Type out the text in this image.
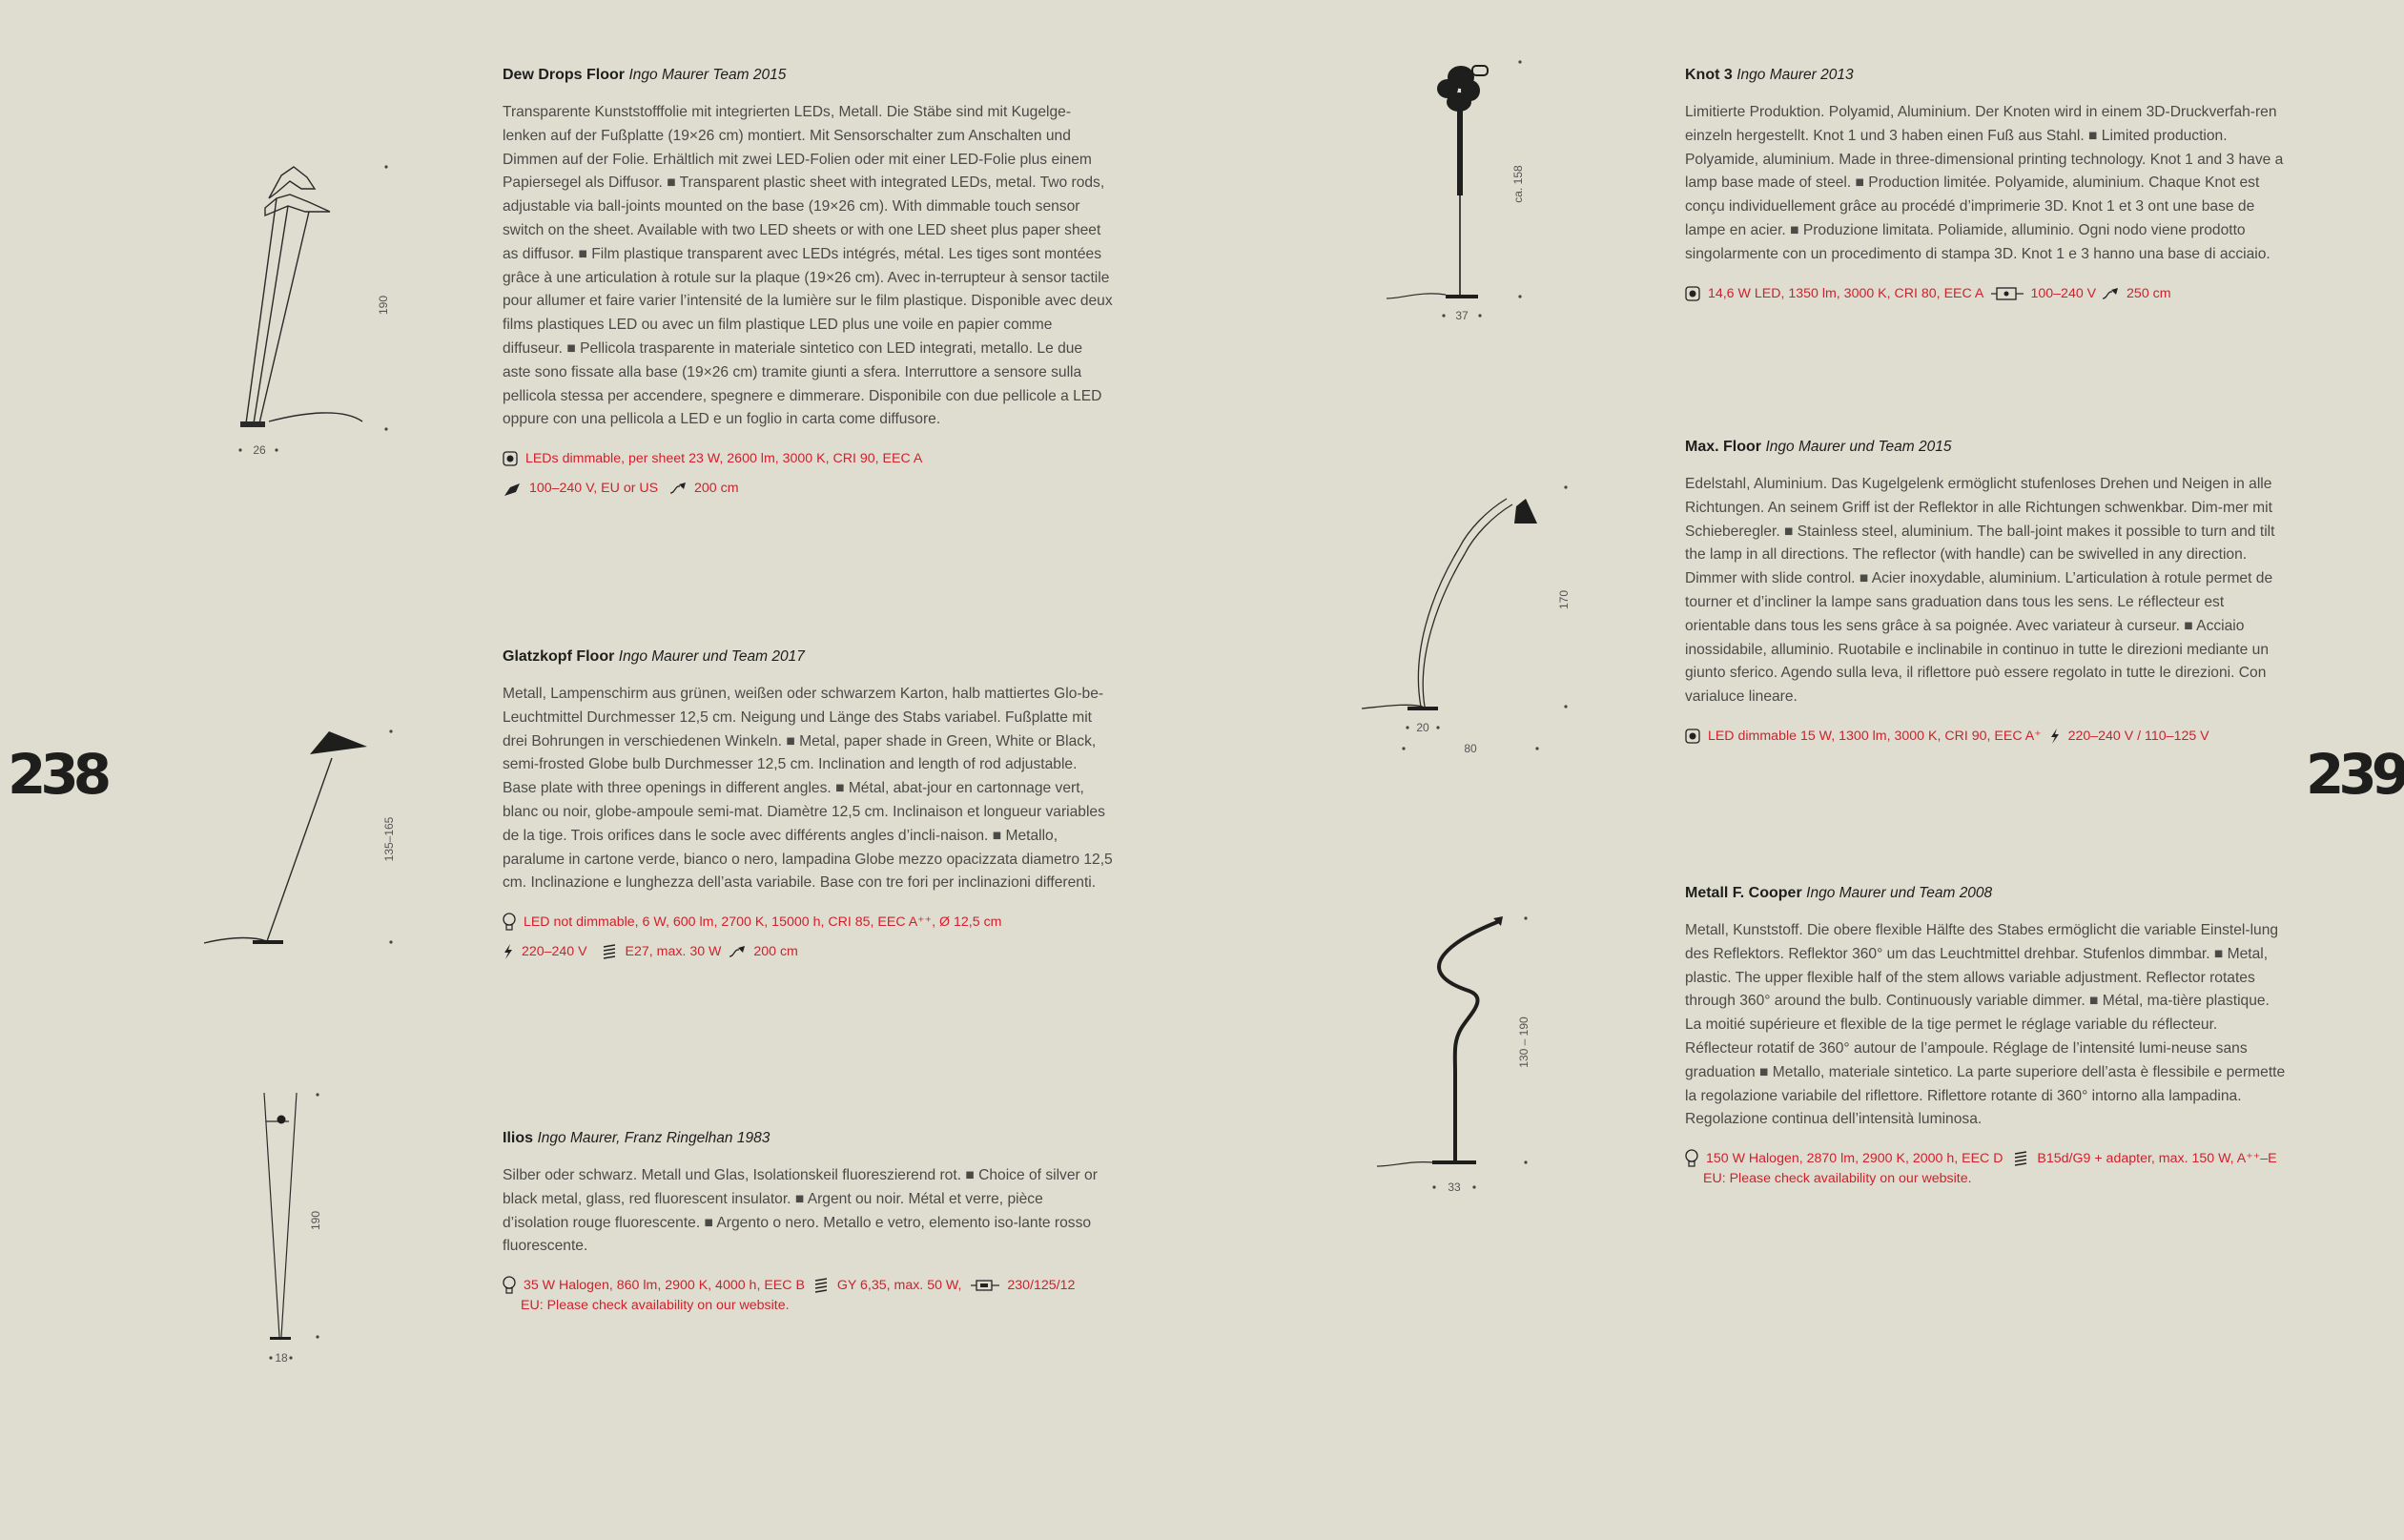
238	239
190
26
Dew Drops Floor Ingo Maurer Team 2015

Transparente Kunststofffolie mit integrierten LEDs, Metall. Die Stäbe sind mit Kugelge-lenken auf der Fußplatte (19×26 cm) montiert. Mit Sensorschalter zum Anschalten und Dimmen auf der Folie. Erhältlich mit zwei LED-Folien oder mit einer LED-Folie plus einem Papiersegel als Diffusor. ■ Transparent plastic sheet with integrated LEDs, metal. Two rods, adjustable via ball-joints mounted on the base (19×26 cm). With dimmable touch sensor switch on the sheet. Available with two LED sheets or with one LED sheet plus paper sheet as diffusor. ■ Film plastique transparent avec LEDs intégrés, métal. Les tiges sont montées grâce à une articulation à rotule sur la plaque (19×26 cm). Avec in-terrupteur à sensor tactile pour allumer et faire varier l’intensité de la lumière sur le film plastique. Disponible avec deux films plastiques LED ou avec un film plastique LED plus une voile en papier comme diffuseur. ■ Pellicola trasparente in materiale sintetico con LED integrati, metallo. Le due aste sono fissate alla base (19×26 cm) tramite giunti a sfera. Interruttore a sensore sulla pellicola stessa per accendere, spegnere e dimmerare. Disponibile con due pellicole a LED oppure con una pellicola a LED e un foglio in carta come diffusore.

LEDs dimmable, per sheet 23 W, 2600 lm, 3000 K, CRI 90, EEC A
100–240 V, EU or US	200 cm
135–165
Glatzkopf Floor Ingo Maurer und Team 2017

Metall, Lampenschirm aus grünen, weißen oder schwarzem Karton, halb mattiertes Glo-be-Leuchtmittel Durchmesser 12,5 cm. Neigung und Länge des Stabs variabel. Fußplatte mit drei Bohrungen in verschiedenen Winkeln. ■ Metal, paper shade in Green, White or Black, semi-frosted Globe bulb Durchmesser 12,5 cm. Inclination and length of rod adjustable. Base plate with three openings in different angles. ■ Métal, abat-jour en cartonnage vert, blanc ou noir, globe-ampoule semi-mat. Diamètre 12,5 cm. Inclinaison et longueur variables de la tige. Trois orifices dans le socle avec différents angles d’incli-naison. ■ Metallo, paralume in cartone verde, bianco o nero, lampadina Globe mezzo opacizzata diametro 12,5 cm. Inclinazione e lunghezza dell’asta variabile. Base con tre fori per inclinazioni differenti.

LED not dimmable, 6 W, 600 lm, 2700 K, 15000 h, CRI 85, EEC A⁺⁺, Ø 12,5 cm
220–240 V	E27, max. 30 W 200 cm
190
18
Ilios Ingo Maurer, Franz Ringelhan 1983

Silber oder schwarz. Metall und Glas, Isolationskeil fluoreszierend rot. ■ Choice of silver or black metal, glass, red fluorescent insulator. ■ Argent ou noir. Métal et verre, pièce d’isolation rouge fluorescente. ■ Argento o nero. Metallo e vetro, elemento iso-lante rosso fluorescente.

35 W Halogen, 860 lm, 2900 K, 4000 h, EEC B GY 6,35, max. 50 W,	230/125/12
EU: Please check availability on our website.
ca. 158
37
Knot 3 Ingo Maurer 2013

Limitierte Produktion. Polyamid, Aluminium. Der Knoten wird in einem 3D-Druckverfah-ren einzeln hergestellt. Knot 1 und 3 haben einen Fuß aus Stahl. ■ Limited production. Polyamide, aluminium. Made in three-dimensional printing technology. Knot 1 and 3 have a lamp base made of steel. ■ Production limitée. Polyamide, aluminium. Chaque Knot est conçu individuellement grâce au procédé d’imprimerie 3D. Knot 1 et 3 ont une base de lampe en acier. ■ Produzione limitata. Poliamide, alluminio. Ogni nodo viene prodotto singolarmente con un procedimento di stampa 3D. Knot 1 e 3 hanno una base di acciaio.

14,6 W LED, 1350 lm, 3000 K, CRI 80, EEC A	100–240 V 250 cm
170
20
80
Max. Floor Ingo Maurer und Team 2015

Edelstahl, Aluminium. Das Kugelgelenk ermöglicht stufenloses Drehen und Neigen in alle Richtungen. An seinem Griff ist der Reflektor in alle Richtungen schwenkbar. Dim-mer mit Schieberegler. ■ Stainless steel, aluminium. The ball-joint makes it possible to turn and tilt the lamp in all directions. The reflector (with handle) can be swivelled in any direction. Dimmer with slide control. ■ Acier inoxydable, aluminium. L’articulation à rotule permet de tourner et d’incliner la lampe sans graduation dans tous les sens. Le réflecteur est orientable dans tous les sens grâce à sa poignée. Avec variateur à curseur. ■ Acciaio inossidabile, alluminio. Ruotabile e inclinabile in continuo in tutte le direzioni mediante un giunto sferico. Agendo sulla leva, il riflettore può essere regolato in tutte le direzioni. Con varialuce lineare.

LED dimmable 15 W, 1300 lm, 3000 K, CRI 90, EEC A⁺ 220–240 V / 110–125 V
130 – 190
33
Metall F. Cooper Ingo Maurer und Team 2008

Metall, Kunststoff. Die obere flexible Hälfte des Stabes ermöglicht die variable Einstel-lung des Reflektors. Reflektor 360° um das Leuchtmittel drehbar. Stufenlos dimmbar. ■ Metal, plastic. The upper flexible half of the stem allows variable adjustment. Reflector rotates through 360° around the bulb. Continuously variable dimmer. ■ Métal, ma-tière plastique. La moitié supérieure et flexible de la tige permet le réglage variable du réflecteur. Réflecteur rotatif de 360° autour de l’ampoule. Réglage de l’intensité lumi-neuse sans graduation ■ Metallo, materiale sintetico. La parte superiore dell’asta è flessibile e permette la regolazione variabile del riflettore. Riflettore rotante di 360° intorno alla lampadina. Regolazione continua dell’intensità luminosa.

150 W Halogen, 2870 lm, 2900 K, 2000 h, EEC D	B15d/G9 + adapter, max. 150 W, A⁺⁺–E
EU: Please check availability on our website.
